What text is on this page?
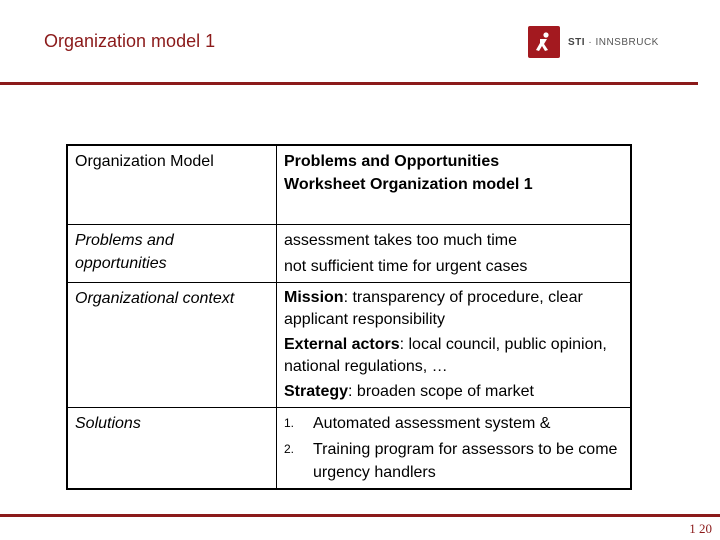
Organization model 1	STI · INNSBRUCK
Organization Model	Problems and Opportunities
Worksheet Organization model 1

Problems and opportunities	assessment takes too much time
not sufficient time for urgent cases

Organizational context	Mission: transparency of procedure, clear applicant responsibility
External actors: local council, public opinion, national regulations, …
Strategy: broaden scope of market

Solutions	1. Automated assessment system &
2. Training program for assessors to be come urgency handlers
1 20
